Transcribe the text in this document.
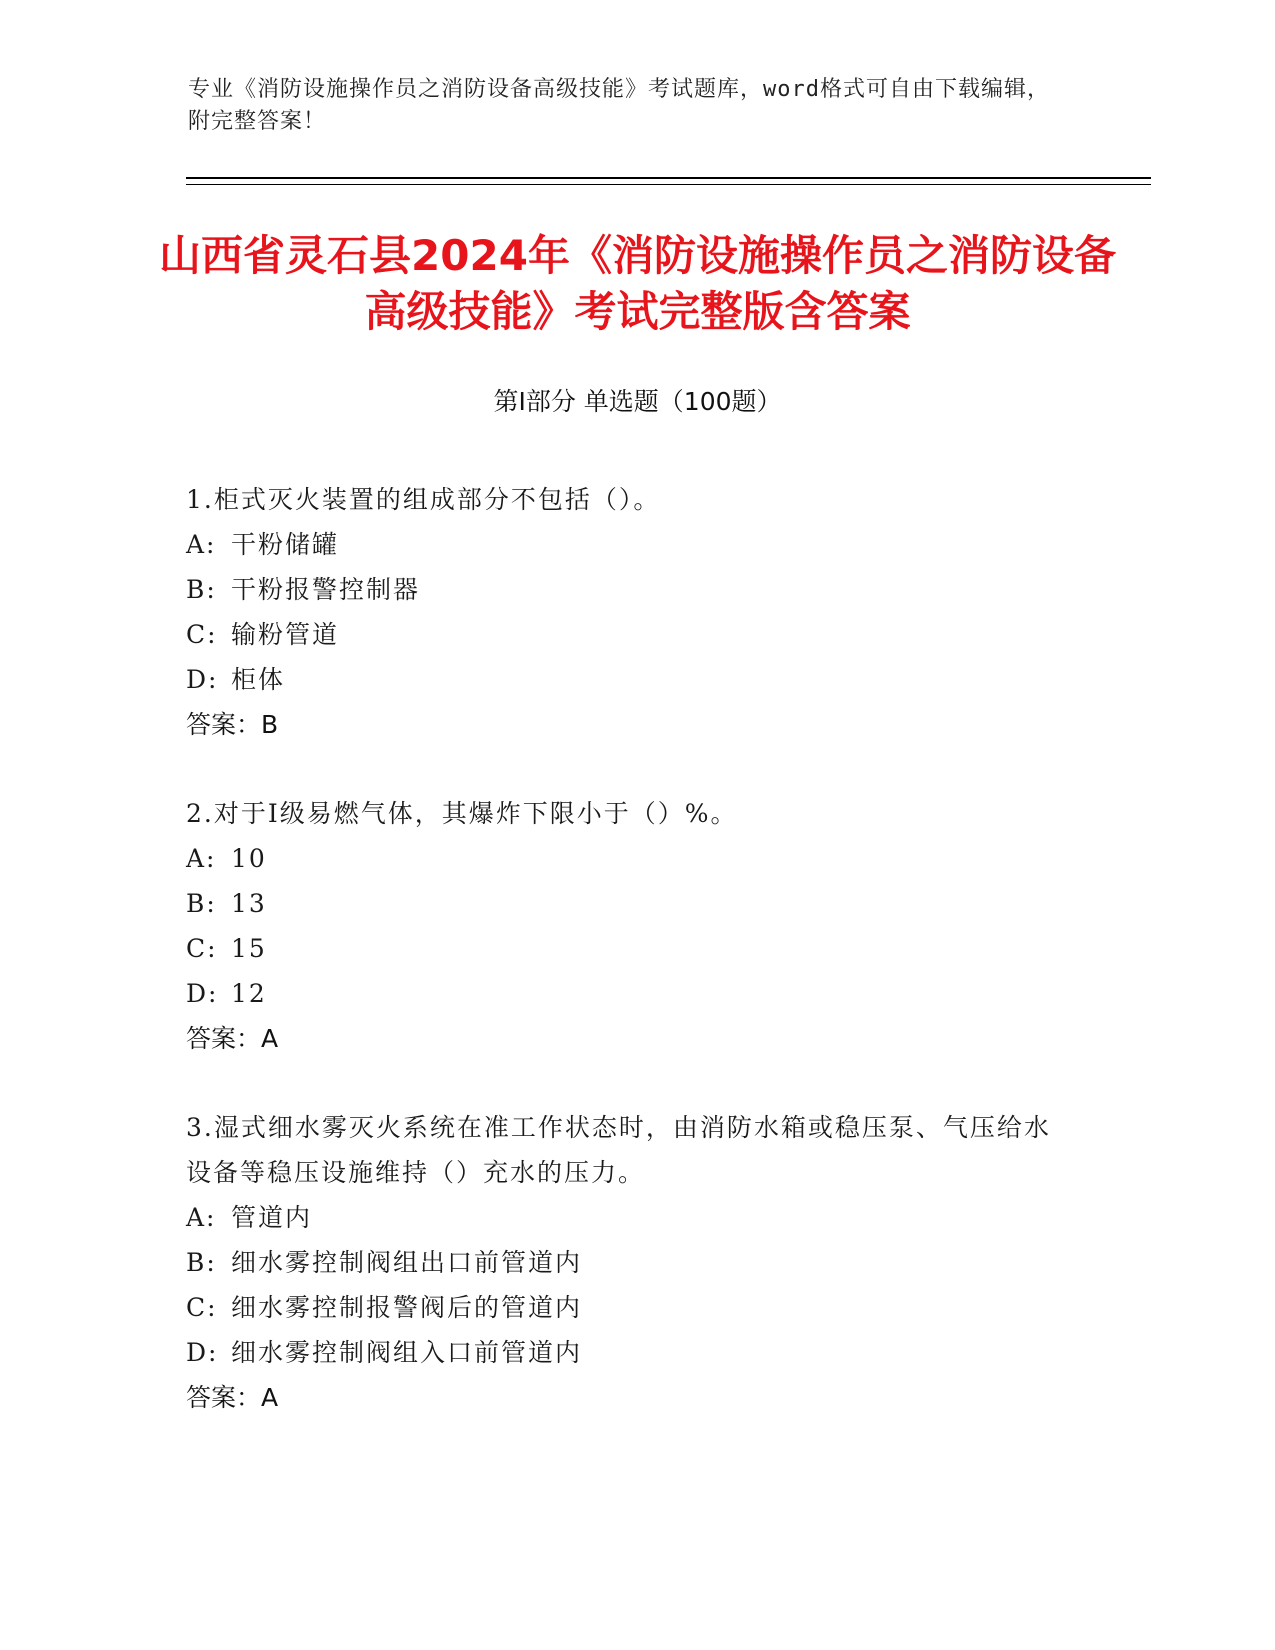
专业《消防设施操作员之消防设备高级技能》考试题库，word格式可自由下载编辑，附完整答案！
山西省灵石县2024年《消防设施操作员之消防设备高级技能》考试完整版含答案
第Ⅰ部分 单选题（100题）
1.柜式灭火装置的组成部分不包括（）。
A: 干粉储罐
B: 干粉报警控制器
C: 输粉管道
D: 柜体
答案：B
2.对于Ⅰ级易燃气体，其爆炸下限小于（）%。
A: 10
B: 13
C: 15
D: 12
答案：A
3.湿式细水雾灭火系统在准工作状态时，由消防水箱或稳压泵、气压给水设备等稳压设施维持（）充水的压力。
A: 管道内
B: 细水雾控制阀组出口前管道内
C: 细水雾控制报警阀后的管道内
D: 细水雾控制阀组入口前管道内
答案：A
